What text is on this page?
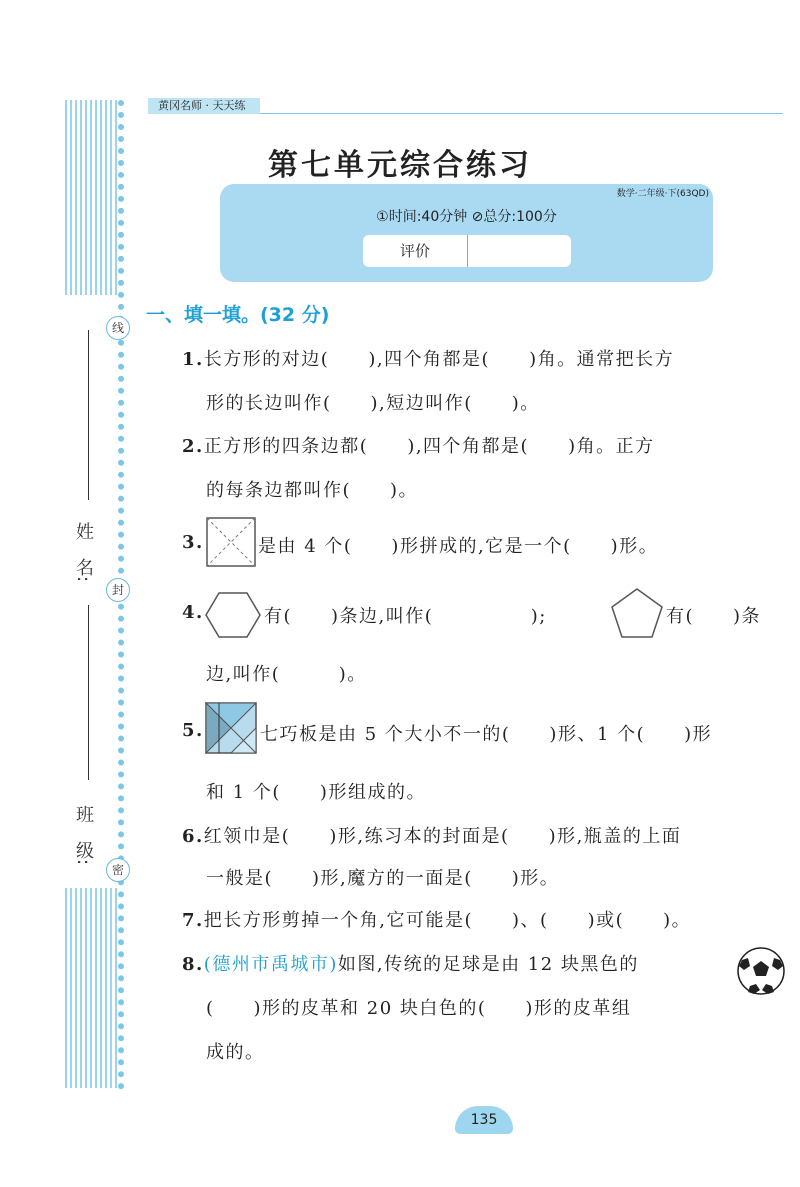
线
封
密
姓　名:
班　级:
黄冈名师 · 天天练
第七单元综合练习
数学·二年级·下(63QD)
①时间:40分钟 ⊘总分:100分
评价
一、填一填。(32 分)
1.长方形的对边(　　),四个角都是(　　)角。通常把长方
形的长边叫作(　　),短边叫作(　　)。
2.正方形的四条边都(　　),四个角都是(　　)角。正方
的每条边都叫作(　　)。
3.	是由 4 个(　　)形拼成的,它是一个(　　)形。
4.	有(　　)条边,叫作(　　　　　);	有(　　)条
边,叫作(　　　)。
5.	七巧板是由 5 个大小不一的(　　)形、1 个(　　)形
和 1 个(　　)形组成的。
6.红领巾是(　　)形,练习本的封面是(　　)形,瓶盖的上面
一般是(　　)形,魔方的一面是(　　)形。
7.把长方形剪掉一个角,它可能是(　　)、(　　)或(　　)。
8.(德州市禹城市)如图,传统的足球是由 12 块黑色的
(　　)形的皮革和 20 块白色的(　　)形的皮革组
成的。
135
